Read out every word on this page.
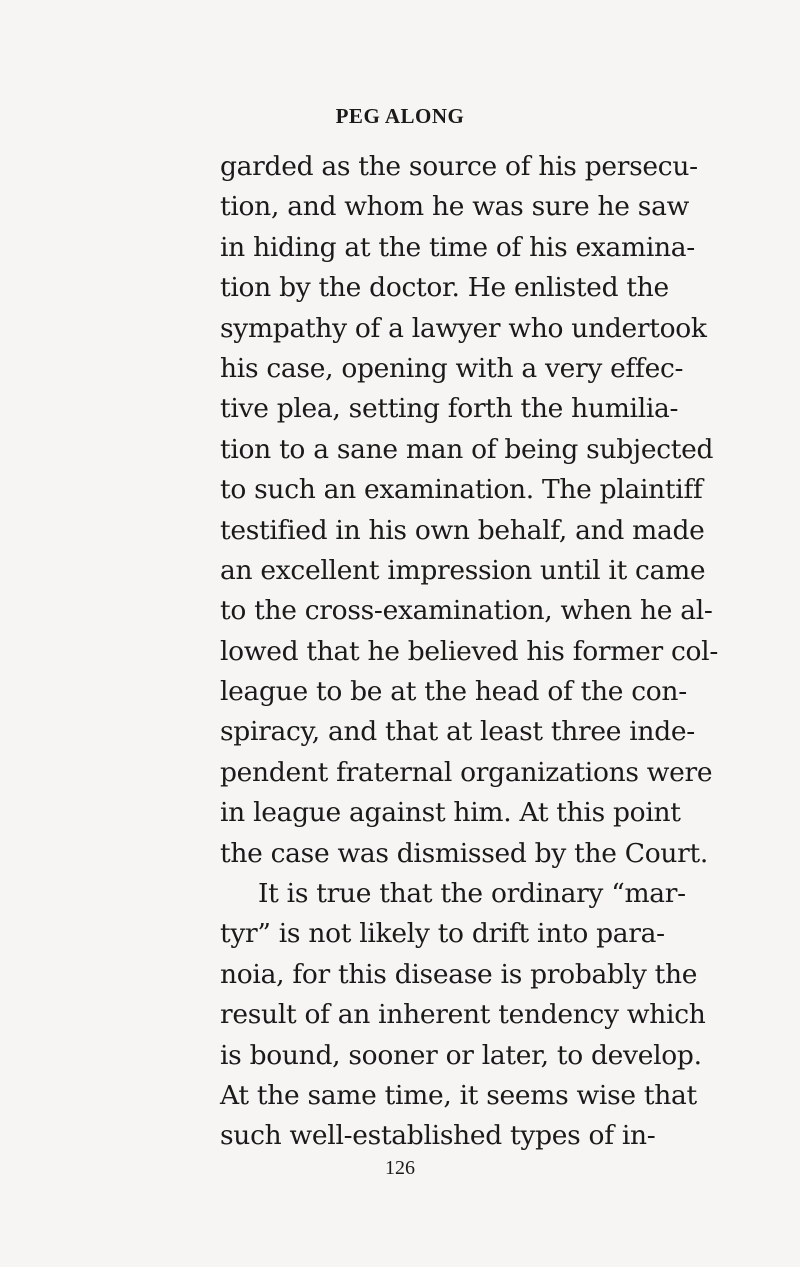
PEG ALONG
garded as the source of his persecu-
tion, and whom he was sure he saw
in hiding at the time of his examina-
tion by the doctor. He enlisted the
sympathy of a lawyer who undertook
his case, opening with a very effec-
tive plea, setting forth the humilia-
tion to a sane man of being subjected
to such an examination. The plaintiff
testified in his own behalf, and made
an excellent impression until it came
to the cross-examination, when he al-
lowed that he believed his former col-
league to be at the head of the con-
spiracy, and that at least three inde-
pendent fraternal organizations were
in league against him. At this point
the case was dismissed by the Court.
It is true that the ordinary “mar-
tyr” is not likely to drift into para-
noia, for this disease is probably the
result of an inherent tendency which
is bound, sooner or later, to develop.
At the same time, it seems wise that
such well-established types of in-
126
